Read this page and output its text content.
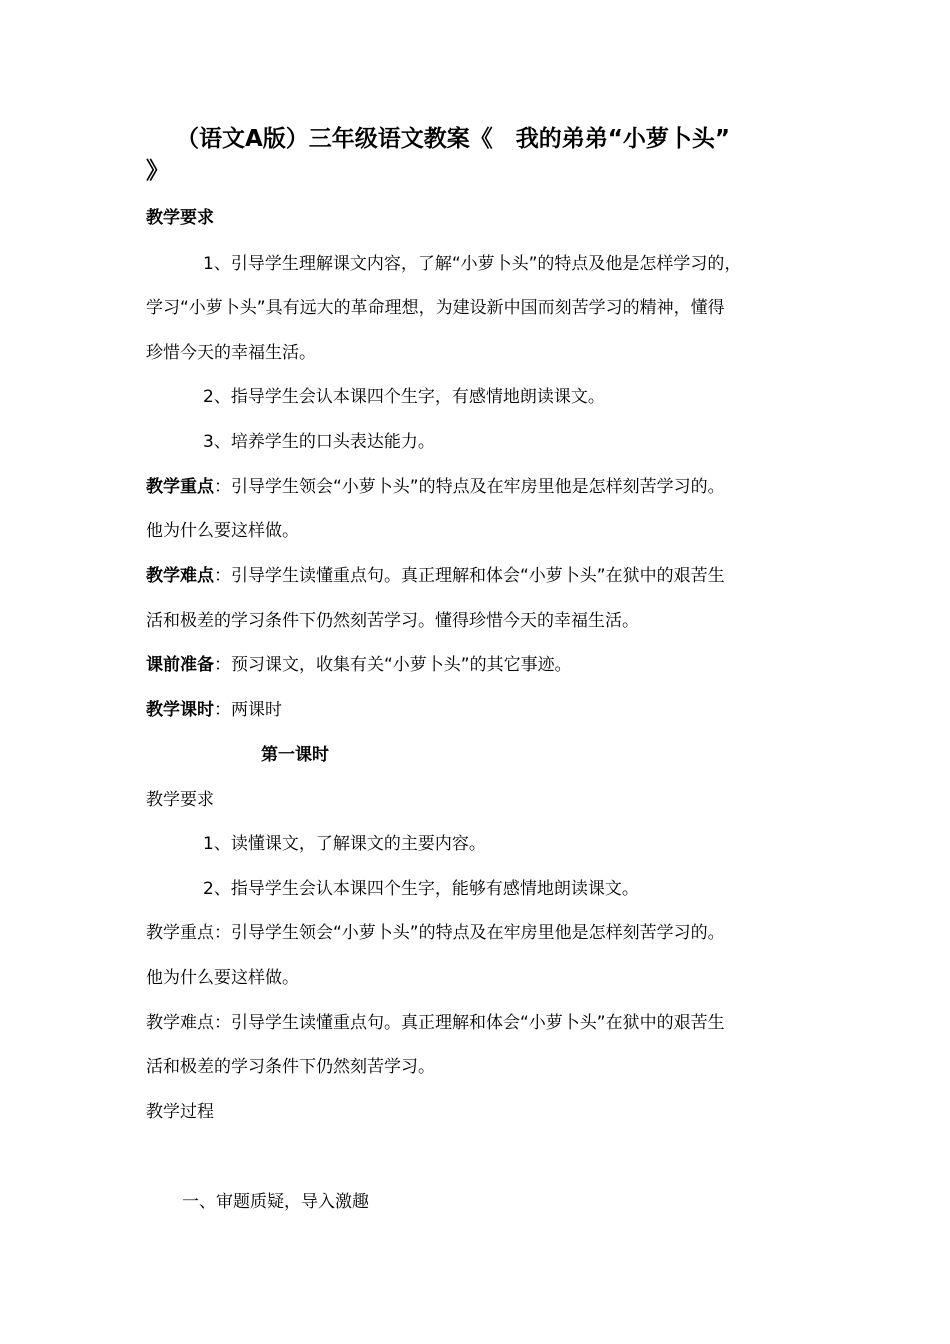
（语文A版）三年级语文教案《　我的弟弟“小萝卜头”
》
教学要求
1、引导学生理解课文内容，了解“小萝卜头”的特点及他是怎样学习的，
学习“小萝卜头”具有远大的革命理想，为建设新中国而刻苦学习的精神，懂得
珍惜今天的幸福生活。
2、指导学生会认本课四个生字，有感情地朗读课文。
3、培养学生的口头表达能力。
教学重点：引导学生领会“小萝卜头”的特点及在牢房里他是怎样刻苦学习的。
他为什么要这样做。
教学难点：引导学生读懂重点句。真正理解和体会“小萝卜头”在狱中的艰苦生
活和极差的学习条件下仍然刻苦学习。懂得珍惜今天的幸福生活。
课前准备：预习课文，收集有关“小萝卜头”的其它事迹。
教学课时：两课时
第一课时
教学要求
1、读懂课文，了解课文的主要内容。
2、指导学生会认本课四个生字，能够有感情地朗读课文。
教学重点：引导学生领会“小萝卜头”的特点及在牢房里他是怎样刻苦学习的。
他为什么要这样做。
教学难点：引导学生读懂重点句。真正理解和体会“小萝卜头”在狱中的艰苦生
活和极差的学习条件下仍然刻苦学习。
教学过程
一、审题质疑，导入激趣
